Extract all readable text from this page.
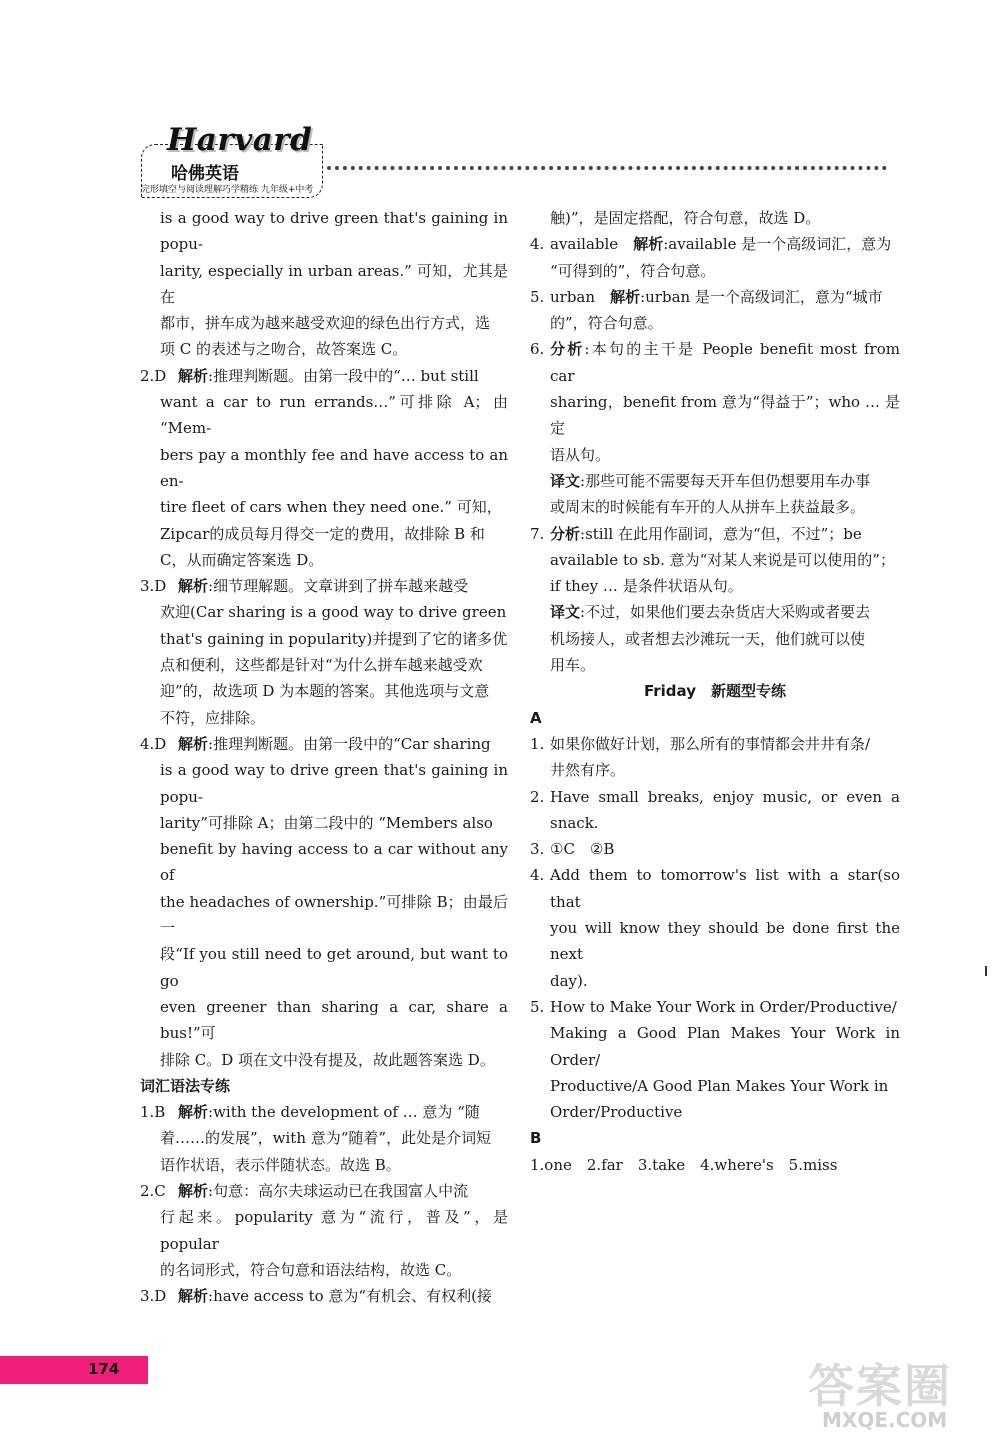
Harvard
哈佛英语
完形填空与阅读理解巧学精练 九年级+中考
is a good way to drive green that's gaining in popu-
larity, especially in urban areas.” 可知，尤其是在
都市，拼车成为越来越受欢迎的绿色出行方式，选
项 C 的表述与之吻合，故答案选 C。
2.D 解析:推理判断题。由第一段中的“… but still
want a car to run errands…”可排除 A；由 “Mem-
bers pay a monthly fee and have access to an en-
tire fleet of cars when they need one.” 可知，
Zipcar的成员每月得交一定的费用，故排除 B 和
C，从而确定答案选 D。
3.D 解析:细节理解题。文章讲到了拼车越来越受
欢迎(Car sharing is a good way to drive green
that's gaining in popularity)并提到了它的诸多优
点和便利，这些都是针对“为什么拼车越来越受欢
迎”的，故选项 D 为本题的答案。其他选项与文意
不符，应排除。
4.D 解析:推理判断题。由第一段中的“Car sharing
is a good way to drive green that's gaining in popu-
larity”可排除 A；由第二段中的 “Members also
benefit by having access to a car without any of
the headaches of ownership.”可排除 B；由最后一
段“If you still need to get around, but want to go
even greener than sharing a car, share a bus!”可
排除 C。D 项在文中没有提及，故此题答案选 D。
词汇语法专练
1.B 解析:with the development of … 意为 “随
着……的发展”，with 意为“随着”，此处是介词短
语作状语，表示伴随状态。故选 B。
2.C 解析:句意：高尔夫球运动已在我国富人中流
行起来。popularity 意为“流行，普及”，是 popular
的名词形式，符合句意和语法结构，故选 C。
3.D 解析:have access to 意为“有机会、有权利(接
触)”，是固定搭配，符合句意，故选 D。
4. available　 解析:available 是一个高级词汇，意为
“可得到的”，符合句意。
5. urban　 解析:urban 是一个高级词汇，意为“城市
的”，符合句意。
6. 分析:本句的主干是 People benefit most from car
sharing，benefit from 意为“得益于”；who … 是定
语从句。
译文:那些可能不需要每天开车但仍想要用车办事
或周末的时候能有车开的人从拼车上获益最多。
7. 分析:still 在此用作副词，意为“但，不过”；be
available to sb. 意为“对某人来说是可以使用的”；
if they … 是条件状语从句。
译文:不过，如果他们要去杂货店大采购或者要去
机场接人，或者想去沙滩玩一天，他们就可以使
用车。
Friday　新题型专练
A
1. 如果你做好计划，那么所有的事情都会井井有条/
井然有序。
2. Have small breaks, enjoy music, or even a snack.
3. ①C　②B
4. Add them to tomorrow's list with a star(so that
you will know they should be done first the next
day).
5. How to Make Your Work in Order/Productive/
Making a Good Plan Makes Your Work in Order/
Productive/A Good Plan Makes Your Work in
Order/Productive
B
1.one　2.far　3.take　4.where's　5.miss
174	答案圈
MXQE.COM
